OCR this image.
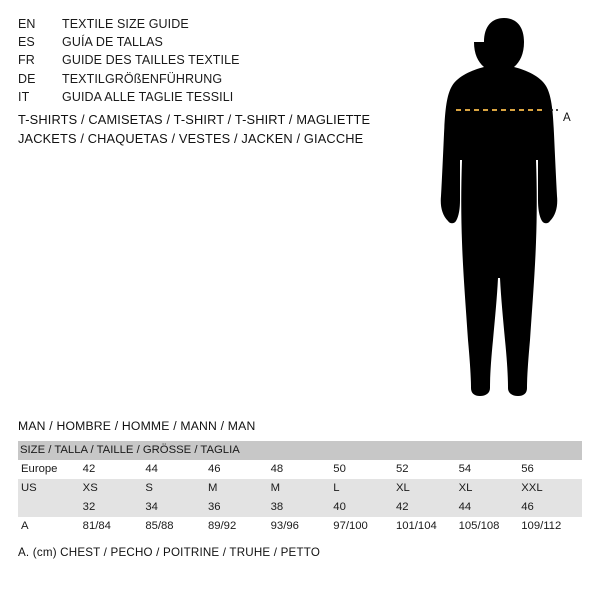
EN	TEXTILE SIZE GUIDE
ES	GUÍA DE TALLAS
FR	GUIDE DES TAILLES TEXTILE
DE	TEXTILGRÖßENFÜHRUNG
IT	GUIDA ALLE TAGLIE TESSILI
T-SHIRTS / CAMISETAS / T-SHIRT / T-SHIRT / MAGLIETTE
JACKETS / CHAQUETAS / VESTES / JACKEN / GIACCHE
A
MAN / HOMBRE / HOMME / MANN / MAN
SIZE / TALLA / TAILLE / GRÖSSE / TAGLIA								

Europe	42	44	46	48	50	52	54	56

US	XS	S	M	M	L	XL	XL	XXL

	32	34	36	38	40	42	44	46

A	81/84	85/88	89/92	93/96	97/100	101/104	105/108	109/112
A. (cm) CHEST / PECHO / POITRINE / TRUHE / PETTO
